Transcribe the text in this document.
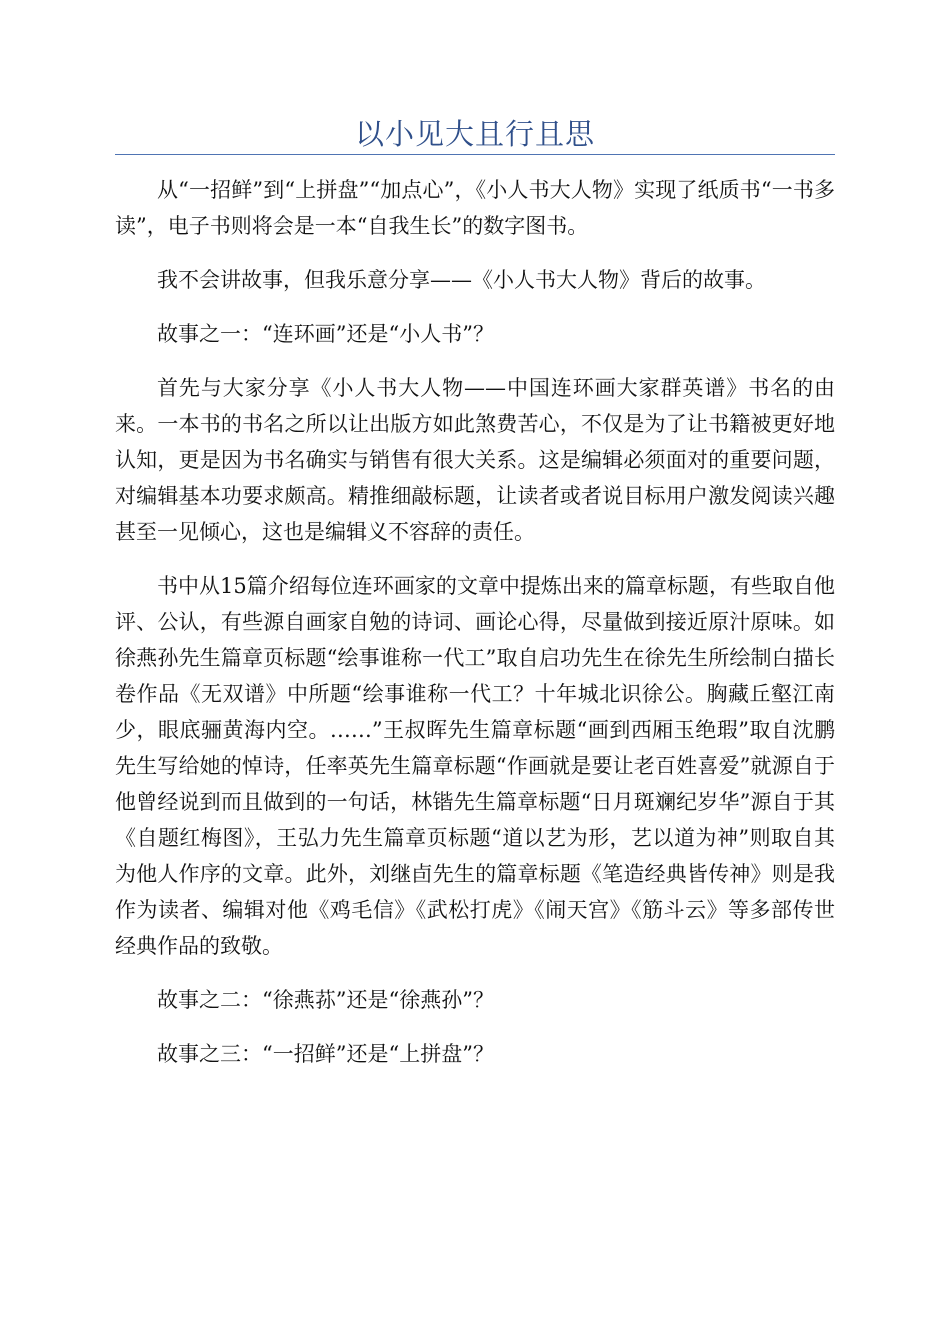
以小见大且行且思

从“一招鲜”到“上拼盘”“加点心”，《小人书大人物》实现了纸质书“一书多读”，电子书则将会是一本“自我生长”的数字图书。

我不会讲故事，但我乐意分享——《小人书大人物》背后的故事。

故事之一：“连环画”还是“小人书”？

首先与大家分享《小人书大人物——中国连环画大家群英谱》书名的由来。一本书的书名之所以让出版方如此煞费苦心，不仅是为了让书籍被更好地认知，更是因为书名确实与销售有很大关系。这是编辑必须面对的重要问题，对编辑基本功要求颇高。精推细敲标题，让读者或者说目标用户激发阅读兴趣甚至一见倾心，这也是编辑义不容辞的责任。

书中从15篇介绍每位连环画家的文章中提炼出来的篇章标题，有些取自他评、公认，有些源自画家自勉的诗词、画论心得，尽量做到接近原汁原味。如徐燕孙先生篇章页标题“绘事谁称一代工”取自启功先生在徐先生所绘制白描长卷作品《无双谱》中所题“绘事谁称一代工？十年城北识徐公。胸藏丘壑江南少，眼底骊黄海内空。……”王叔晖先生篇章标题“画到西厢玉绝瑕”取自沈鹏先生写给她的悼诗，任率英先生篇章标题“作画就是要让老百姓喜爱”就源自于他曾经说到而且做到的一句话，林锴先生篇章标题“日月斑斓纪岁华”源自于其《自题红梅图》，王弘力先生篇章页标题“道以艺为形，艺以道为神”则取自其为他人作序的文章。此外，刘继卣先生的篇章标题《笔造经典皆传神》则是我作为读者、编辑对他《鸡毛信》《武松打虎》《闹天宫》《筋斗云》等多部传世经典作品的致敬。

故事之二：“徐燕荪”还是“徐燕孙”？

故事之三：“一招鲜”还是“上拼盘”？
